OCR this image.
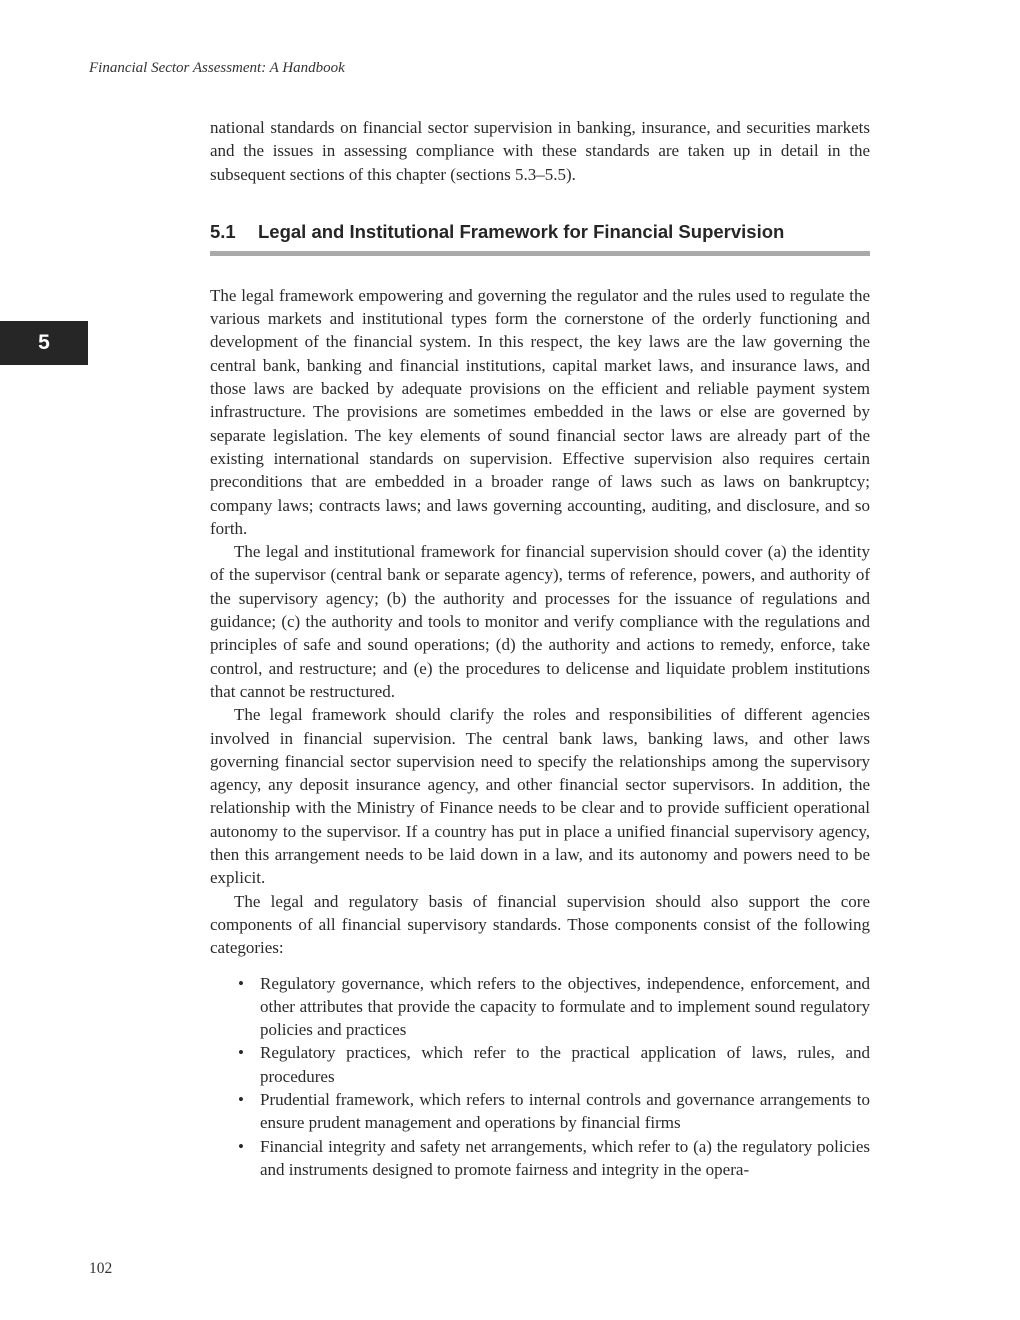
Financial Sector Assessment: A Handbook
5

national standards on financial sector supervision in banking, insurance, and securities markets and the issues in assessing compliance with these standards are taken up in detail in the subsequent sections of this chapter (sections 5.3–5.5).

5.1 Legal and Institutional Framework for Financial Supervision

The legal framework empowering and governing the regulator and the rules used to regulate the various markets and institutional types form the cornerstone of the orderly functioning and development of the financial system. In this respect, the key laws are the law governing the central bank, banking and financial institutions, capital market laws, and insurance laws, and those laws are backed by adequate provisions on the efficient and reliable payment system infrastructure. The provisions are sometimes embedded in the laws or else are governed by separate legislation. The key elements of sound financial sector laws are already part of the existing international standards on supervision. Effective supervision also requires certain preconditions that are embedded in a broader range of laws such as laws on bankruptcy; company laws; contracts laws; and laws governing accounting, auditing, and disclosure, and so forth.

The legal and institutional framework for financial supervision should cover (a) the identity of the supervisor (central bank or separate agency), terms of reference, powers, and authority of the supervisory agency; (b) the authority and processes for the issuance of regulations and guidance; (c) the authority and tools to monitor and verify compliance with the regulations and principles of safe and sound operations; (d) the authority and actions to remedy, enforce, take control, and restructure; and (e) the procedures to delicense and liquidate problem institutions that cannot be restructured.

The legal framework should clarify the roles and responsibilities of different agencies involved in financial supervision. The central bank laws, banking laws, and other laws governing financial sector supervision need to specify the relationships among the supervisory agency, any deposit insurance agency, and other financial sector supervisors. In addition, the relationship with the Ministry of Finance needs to be clear and to provide sufficient operational autonomy to the supervisor. If a country has put in place a unified financial supervisory agency, then this arrangement needs to be laid down in a law, and its autonomy and powers need to be explicit.

The legal and regulatory basis of financial supervision should also support the core components of all financial supervisory standards. Those components consist of the following categories:

• Regulatory governance, which refers to the objectives, independence, enforcement, and other attributes that provide the capacity to formulate and to implement sound regulatory policies and practices
• Regulatory practices, which refer to the practical application of laws, rules, and procedures
• Prudential framework, which refers to internal controls and governance arrangements to ensure prudent management and operations by financial firms
• Financial integrity and safety net arrangements, which refer to (a) the regulatory policies and instruments designed to promote fairness and integrity in the opera-
102
